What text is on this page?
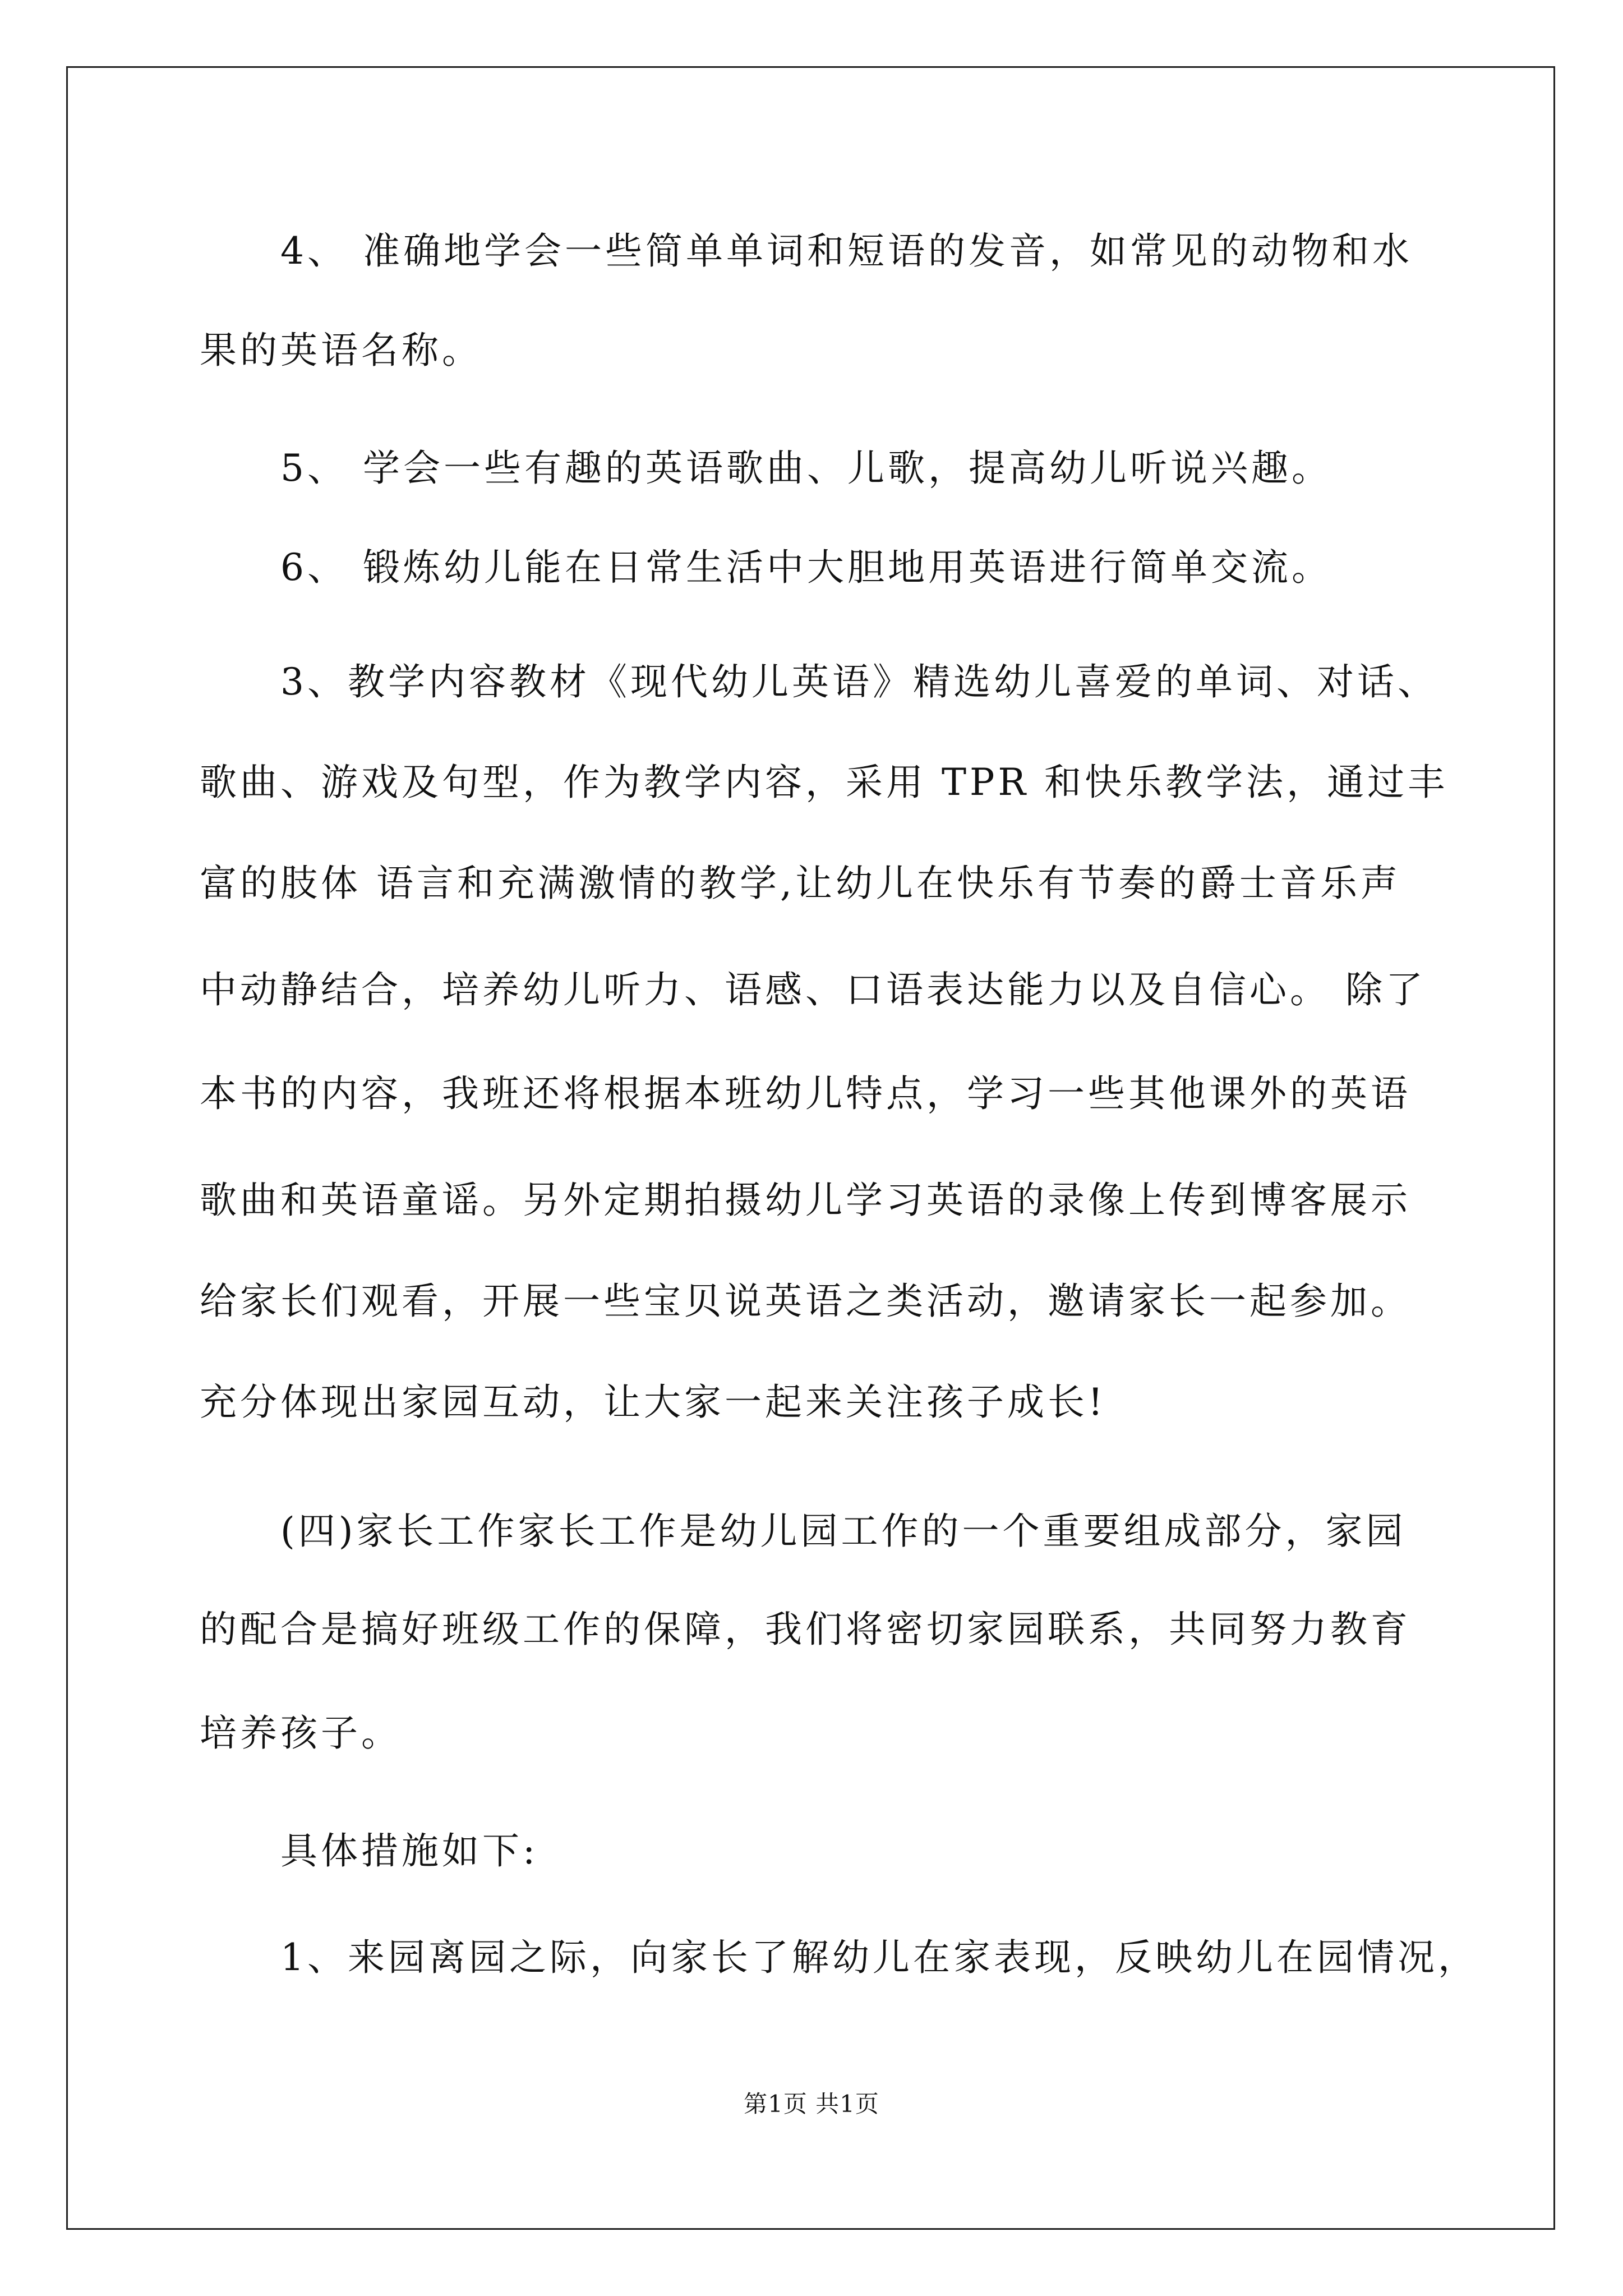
4、 准确地学会一些简单单词和短语的发音，如常见的动物和水
果的英语名称。
5、 学会一些有趣的英语歌曲、儿歌，提高幼儿听说兴趣。
6、 锻炼幼儿能在日常生活中大胆地用英语进行简单交流。
3、教学内容教材《现代幼儿英语》精选幼儿喜爱的单词、对话、
歌曲、游戏及句型，作为教学内容，采用 TPR 和快乐教学法，通过丰
富的肢体 语言和充满激情的教学,让幼儿在快乐有节奏的爵士音乐声
中动静结合，培养幼儿听力、语感、口语表达能力以及自信心。 除了
本书的内容，我班还将根据本班幼儿特点，学习一些其他课外的英语
歌曲和英语童谣。另外定期拍摄幼儿学习英语的录像上传到博客展示
给家长们观看，开展一些宝贝说英语之类活动，邀请家长一起参加。
充分体现出家园互动，让大家一起来关注孩子成长!
(四)家长工作家长工作是幼儿园工作的一个重要组成部分，家园
的配合是搞好班级工作的保障，我们将密切家园联系，共同努力教育
培养孩子。
具体措施如下:
1、来园离园之际，向家长了解幼儿在家表现，反映幼儿在园情况，
第1页 共1页
